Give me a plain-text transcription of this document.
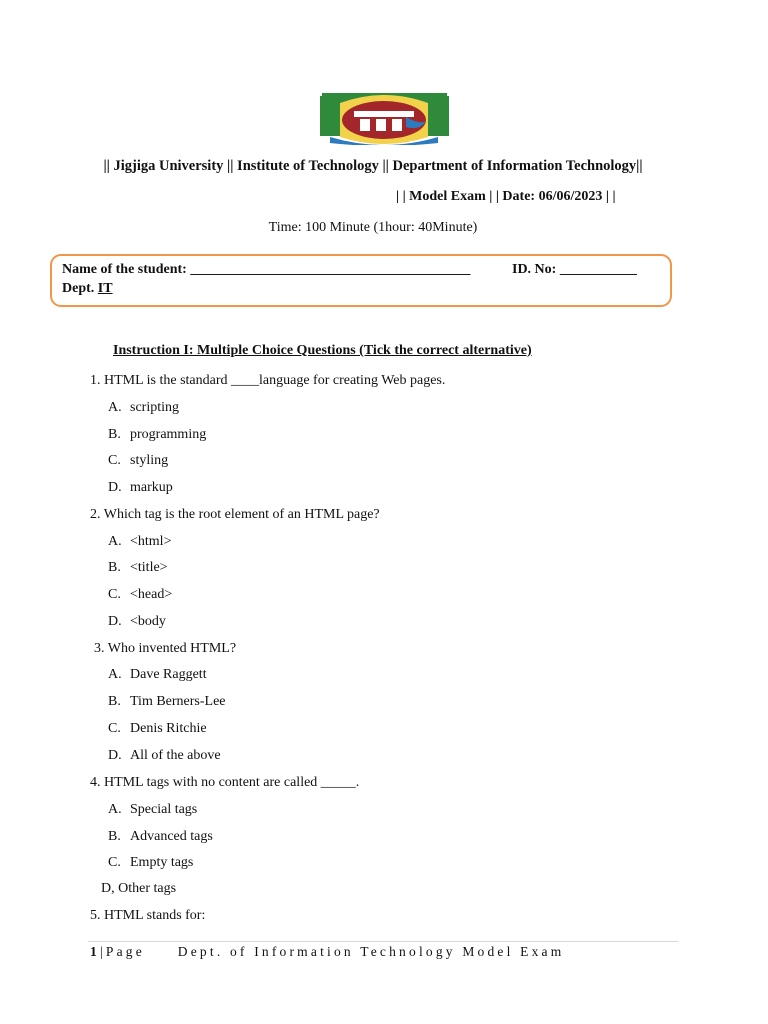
|| Jigjiga University || Institute of Technology || Department of Information Technology||
| | Model Exam | | Date: 06/06/2023 | |
Time: 100 Minute (1hour: 40Minute)
Name of the student: ________________________________________	ID. No: ___________
Dept. IT
Instruction I: Multiple Choice Questions (Tick the correct alternative)
1. HTML is the standard ____language for creating Web pages.
A. scripting
B. programming
C. styling
D. markup
2. Which tag is the root element of an HTML page?
A. <html>
B. <title>
C. <head>
D. <body
3. Who invented HTML?
A. Dave Raggett
B. Tim Berners-Lee
C. Denis Ritchie
D. All of the above
4. HTML tags with no content are called _____.
A. Special tags
B. Advanced tags
C. Empty tags
D, Other tags
5. HTML stands for:
1|Page Dept. of Information Technology Model Exam
